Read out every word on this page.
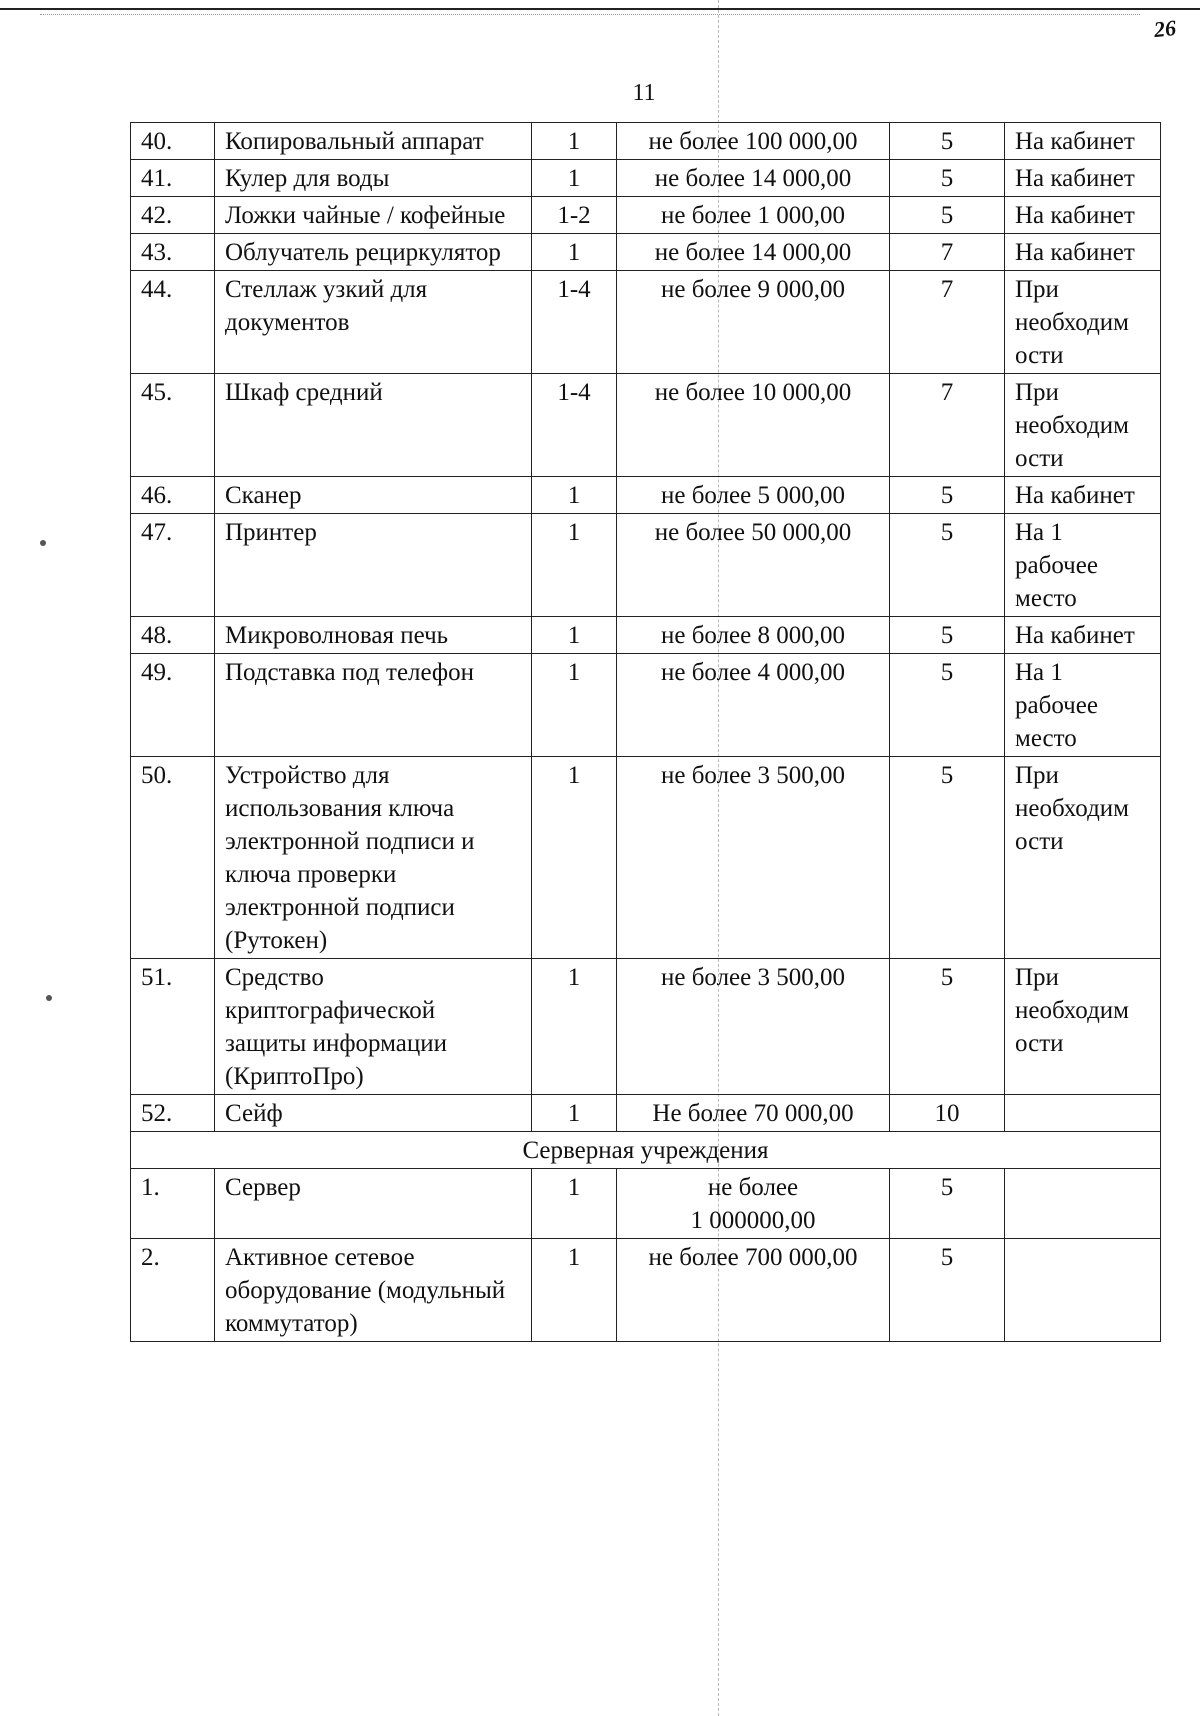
26
11
40.	Копировальный аппарат	1	не более 100 000,00	5	На кабинет
41.	Кулер для воды	1	не более 14 000,00	5	На кабинет
42.	Ложки чайные / кофейные	1-2	не более 1 000,00	5	На кабинет
43.	Облучатель рециркулятор	1	не более 14 000,00	7	На кабинет
44.	Стеллаж узкий для документов	1-4	не более 9 000,00	7	При
необходим
ости
45.	Шкаф средний	1-4	не более 10 000,00	7	При
необходим
ости
46.	Сканер	1	не более 5 000,00	5	На кабинет
47.	Принтер	1	не более 50 000,00	5	На 1 рабочее место
48.	Микроволновая печь	1	не более 8 000,00	5	На кабинет
49.	Подставка под телефон	1	не более 4 000,00	5	На 1 рабочее место
50.	Устройство для использования ключа электронной подписи и ключа проверки электронной подписи (Рутокен)	1	не более 3 500,00	5	При
необходим
ости
51.	Средство криптографической защиты информации (КриптоПро)	1	не более 3 500,00	5	При
необходим
ости
52.	Сейф	1	Не более 70 000,00	10	
Серверная учреждения					
1.	Сервер	1	не более
1 000000,00	5	
2.	Активное сетевое оборудование (модульный коммутатор)	1	не более 700 000,00	5	
